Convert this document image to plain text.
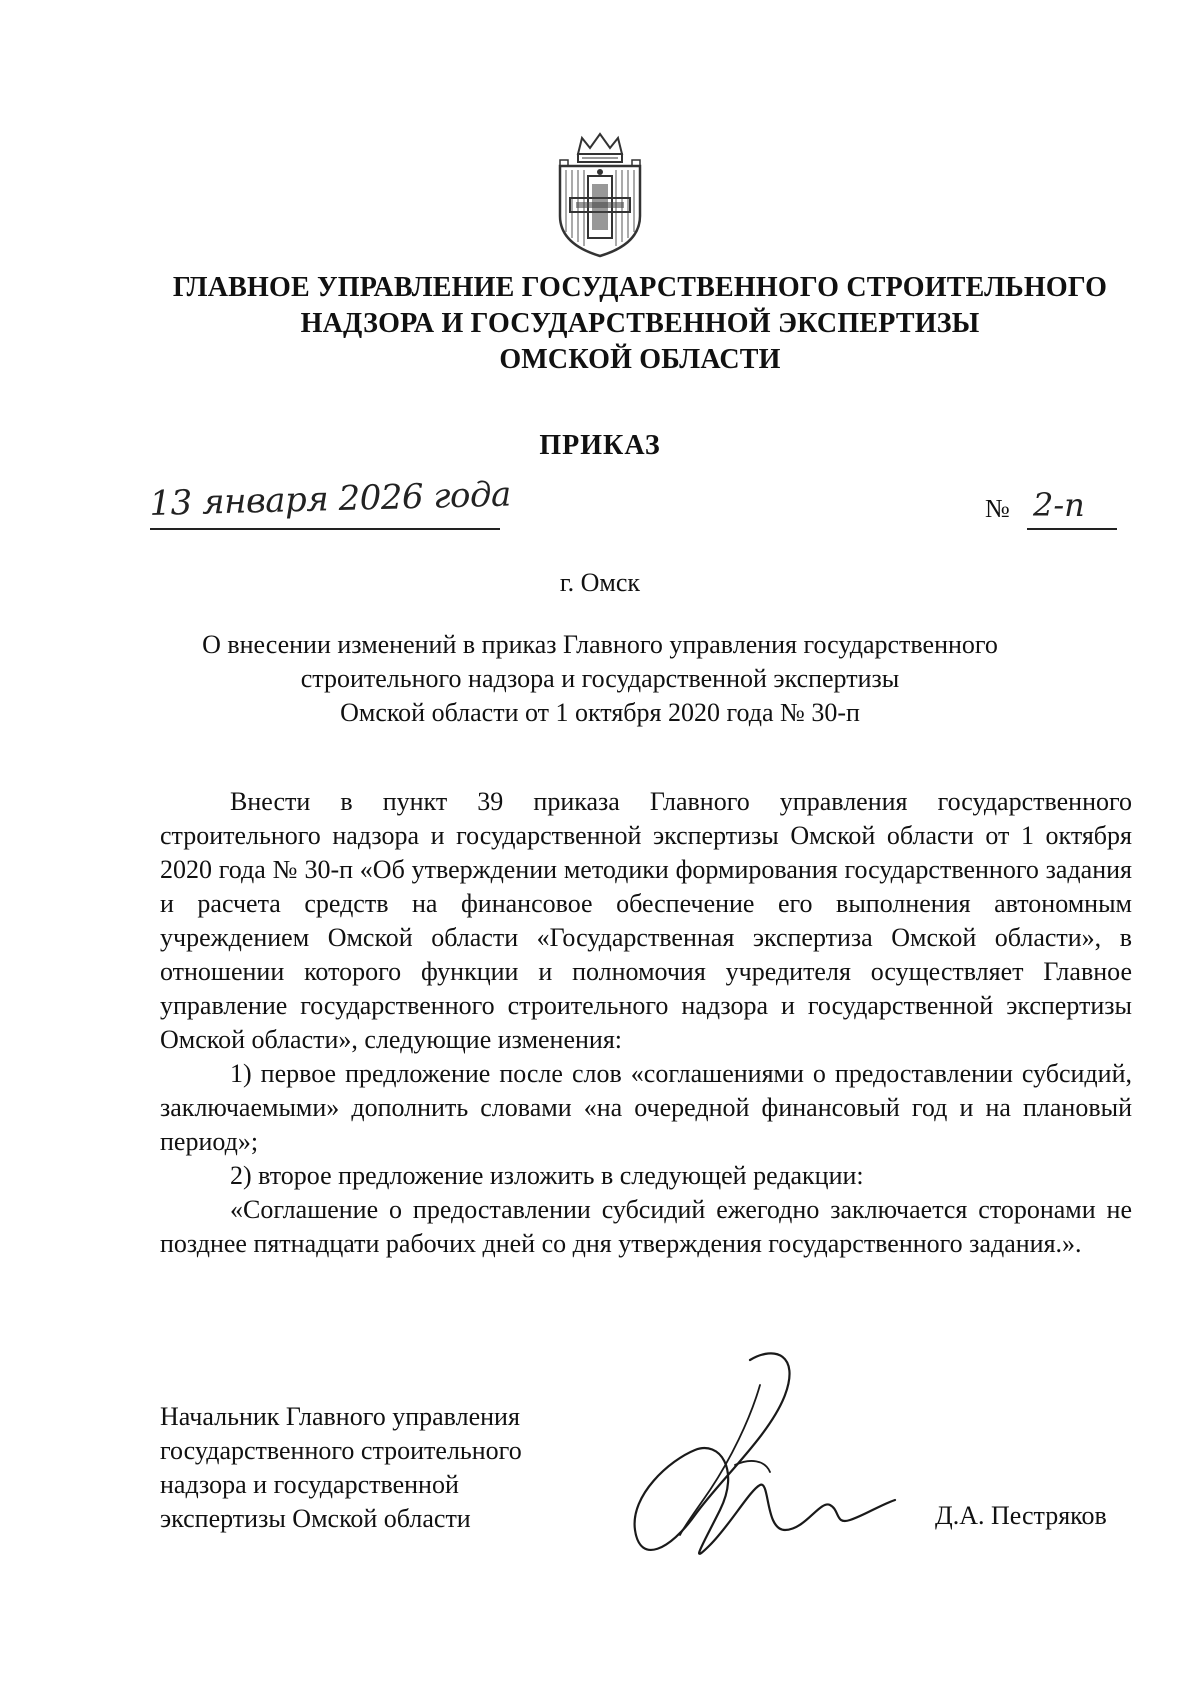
ГЛАВНОЕ УПРАВЛЕНИЕ ГОСУДАРСТВЕННОГО СТРОИТЕЛЬНОГО
НАДЗОРА И ГОСУДАРСТВЕННОЙ ЭКСПЕРТИЗЫ
ОМСКОЙ ОБЛАСТИ
ПРИКАЗ
13 января 2026 года	№ 2-п
г. Омск
О внесении изменений в приказ Главного управления государственного
строительного надзора и государственной экспертизы
Омской области от 1 октября 2020 года № 30-п

Внести в пункт 39 приказа Главного управления государственного строительного надзора и государственной экспертизы Омской области от 1 октября 2020 года № 30-п «Об утверждении методики формирования государственного задания и расчета средств на финансовое обеспечение его выполнения автономным учреждением Омской области «Государственная экспертиза Омской области», в отношении которого функции и полномочия учредителя осуществляет Главное управление государственного строительного надзора и государственной экспертизы Омской области», следующие изменения:

1) первое предложение после слов «соглашениями о предоставлении субсидий, заключаемыми» дополнить словами «на очередной финансовый год и на плановый период»;

2) второе предложение изложить в следующей редакции:

«Соглашение о предоставлении субсидий ежегодно заключается сторонами не позднее пятнадцати рабочих дней со дня утверждения государственного задания.».

Начальник Главного управления
государственного строительного
надзора и государственной
экспертизы Омской области	Д.А. Пестряков
